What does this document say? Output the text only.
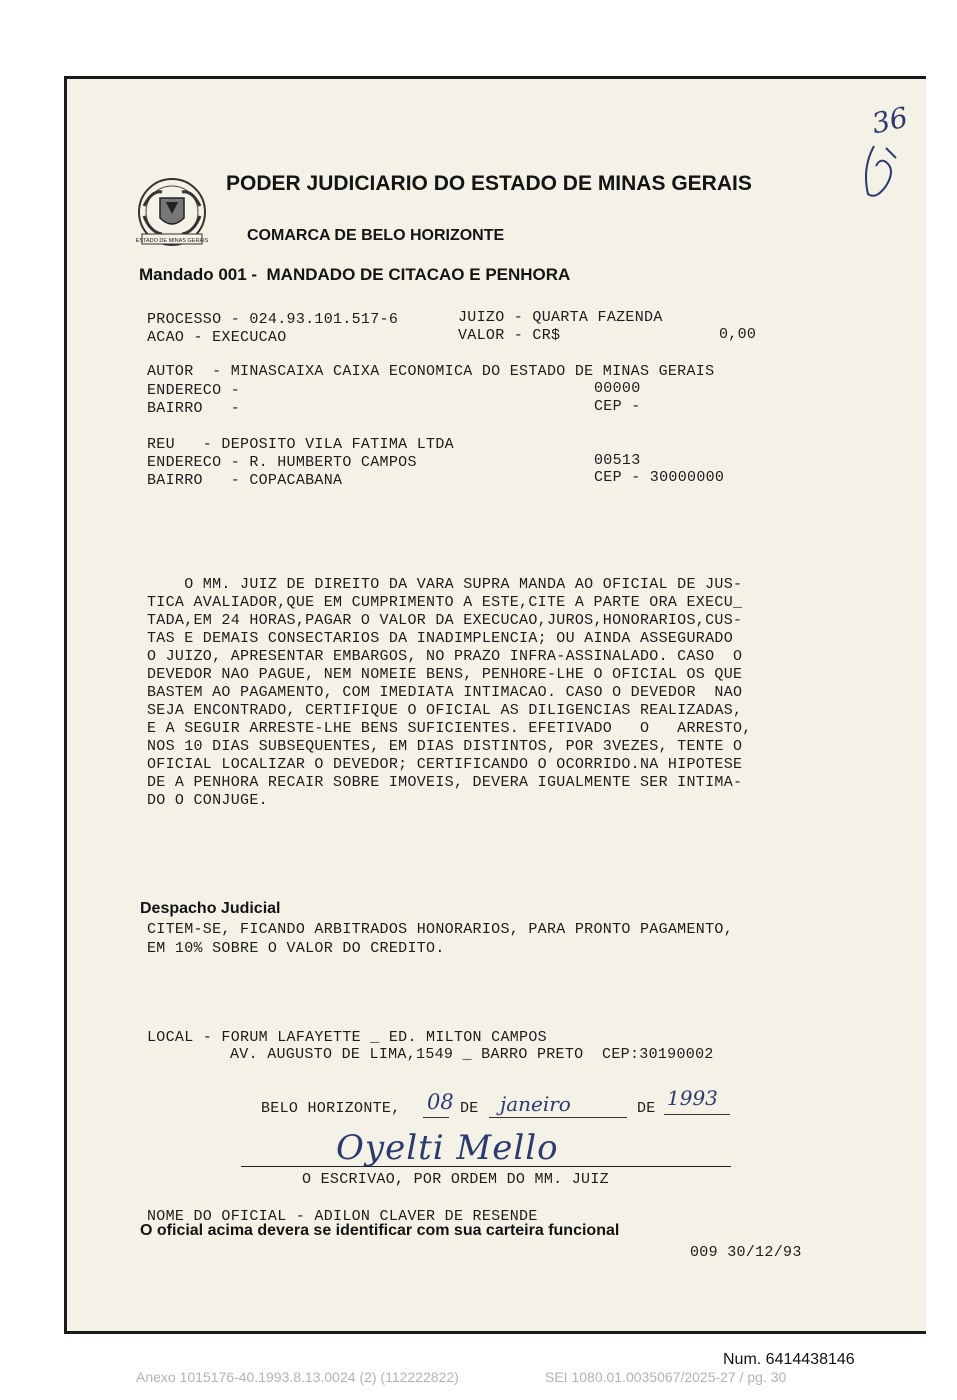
ESTADO DE MINAS GERAIS
PODER JUDICIARIO DO ESTADO DE MINAS GERAIS
COMARCA DE BELO HORIZONTE
Mandado 001 -  MANDADO DE CITACAO E PENHORA
PROCESSO - 024.93.101.517-6
ACAO - EXECUCAO
JUIZO - QUARTA FAZENDA
VALOR - CR$	0,00
AUTOR  - MINASCAIXA CAIXA ECONOMICA DO ESTADO DE MINAS GERAIS
ENDERECO -	00000
BAIRRO   -	CEP -
REU   - DEPOSITO VILA FATIMA LTDA
ENDERECO - R. HUMBERTO CAMPOS	00513
BAIRRO   - COPACABANA	CEP - 30000000
O MM. JUIZ DE DIREITO DA VARA SUPRA MANDA AO OFICIAL DE JUS-
TICA AVALIADOR,QUE EM CUMPRIMENTO A ESTE,CITE A PARTE ORA EXECU_
TADA,EM 24 HORAS,PAGAR O VALOR DA EXECUCAO,JUROS,HONORARIOS,CUS-
TAS E DEMAIS CONSECTARIOS DA INADIMPLENCIA; OU AINDA ASSEGURADO
O JUIZO, APRESENTAR EMBARGOS, NO PRAZO INFRA-ASSINALADO. CASO  O
DEVEDOR NAO PAGUE, NEM NOMEIE BENS, PENHORE-LHE O OFICIAL OS QUE
BASTEM AO PAGAMENTO, COM IMEDIATA INTIMACAO. CASO O DEVEDOR  NAO
SEJA ENCONTRADO, CERTIFIQUE O OFICIAL AS DILIGENCIAS REALIZADAS,
E A SEGUIR ARRESTE-LHE BENS SUFICIENTES. EFETIVADO   O   ARRESTO,
NOS 10 DIAS SUBSEQUENTES, EM DIAS DISTINTOS, POR 3VEZES, TENTE O
OFICIAL LOCALIZAR O DEVEDOR; CERTIFICANDO O OCORRIDO.NA HIPOTESE
DE A PENHORA RECAIR SOBRE IMOVEIS, DEVERA IGUALMENTE SER INTIMA-
DO O CONJUGE.
Despacho Judicial
CITEM-SE, FICANDO ARBITRADOS HONORARIOS, PARA PRONTO PAGAMENTO,
EM 10% SOBRE O VALOR DO CREDITO.
LOCAL - FORUM LAFAYETTE _ ED. MILTON CAMPOS
AV. AUGUSTO DE LIMA,1549 _ BARRO PRETO  CEP:30190002
BELO HORIZONTE, 08 DE janeiro	DE 1993
Oyelti Mello
O ESCRIVAO, POR ORDEM DO MM. JUIZ
NOME DO OFICIAL - ADILON CLAVER DE RESENDE
O oficial acima devera se identificar com sua carteira funcional
009 30/12/93
36
Num. 6414438146
Anexo 1015176-40.1993.8.13.0024 (2) (112222822)	SEI 1080.01.0035067/2025-27 / pg. 30
